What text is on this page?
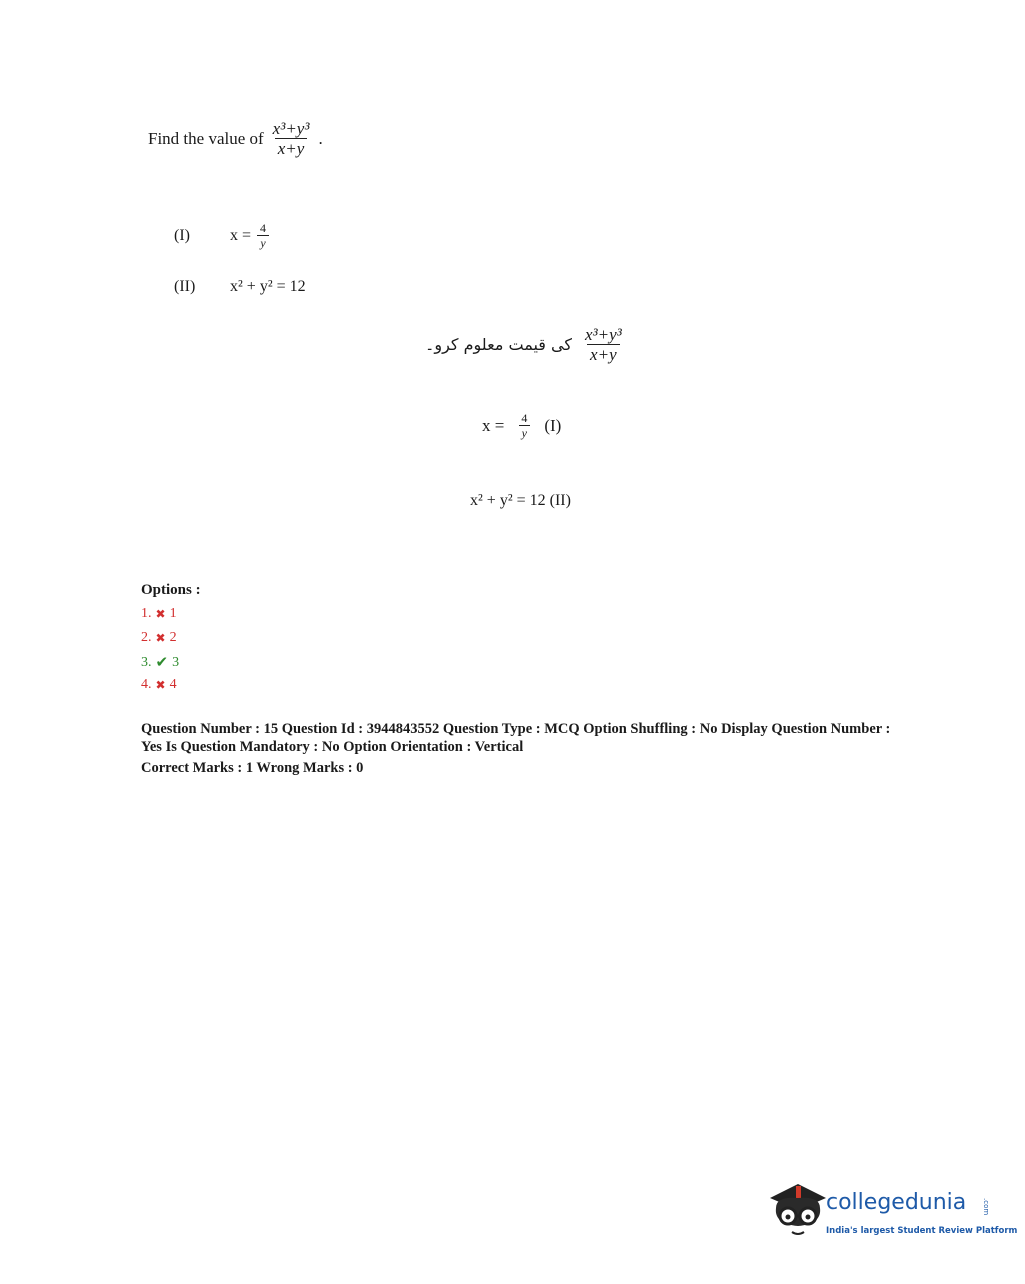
Find the value of $\frac{\text{x³+y³}}{x+y}$ .
(I)	$x = \frac{4}{y}$
(II)	x² + y² = 12
کی قیمت معلوم کرو۔ $\frac{\text{x³+y³}}{x+y}$
$x = \frac{4}{y} (I)$
x² + y² = 12 (II)
Options :
1. ✖ 1
2. ✖ 2
3. ✔ 3
4. ✖ 4
Question Number : 15 Question Id : 3944843552 Question Type : MCQ Option Shuffling : No Display Question Number : Yes Is Question Mandatory : No Option Orientation : Vertical
Correct Marks : 1 Wrong Marks : 0
collegedunia .com
India's largest Student Review Platform
